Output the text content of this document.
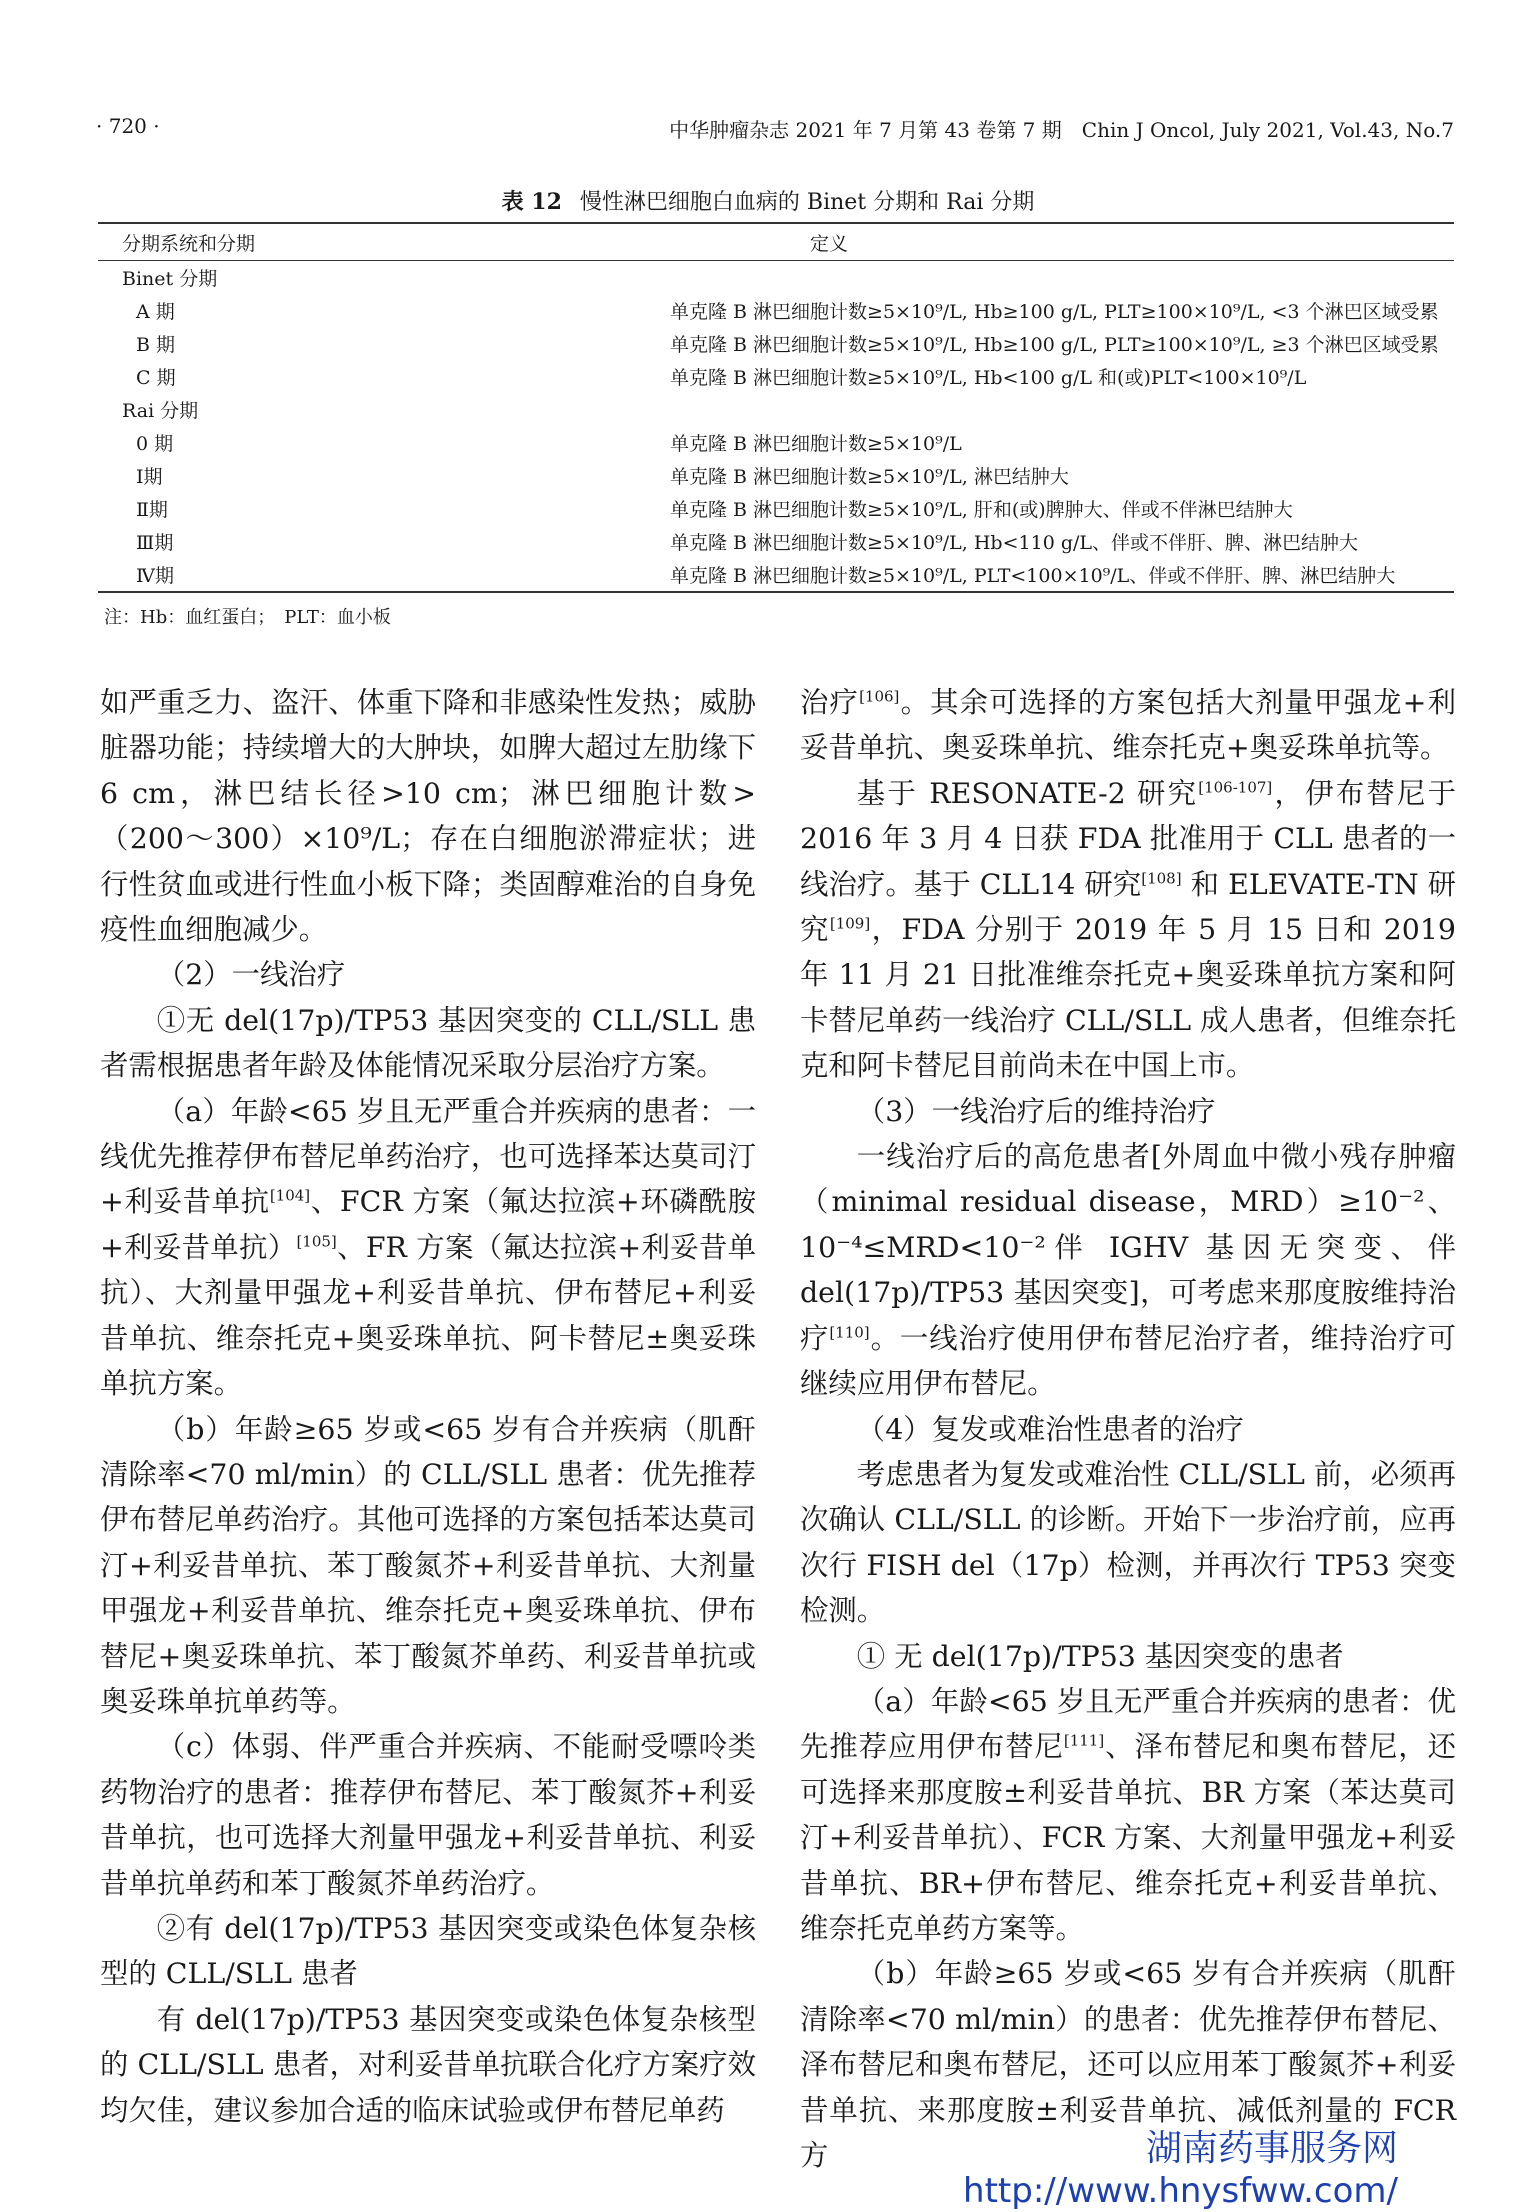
· 720 ·	中华肿瘤杂志 2021 年 7 月第 43 卷第 7 期　Chin J Oncol, July 2021, Vol.43, No.7
表 12 慢性淋巴细胞白血病的 Binet 分期和 Rai 分期
分期系统和分期	定义
Binet 分期	
A 期	单克隆 B 淋巴细胞计数≥5×10⁹/L, Hb≥100 g/L, PLT≥100×10⁹/L, <3 个淋巴区域受累
B 期	单克隆 B 淋巴细胞计数≥5×10⁹/L, Hb≥100 g/L, PLT≥100×10⁹/L, ≥3 个淋巴区域受累
C 期	单克隆 B 淋巴细胞计数≥5×10⁹/L, Hb<100 g/L 和(或)PLT<100×10⁹/L
Rai 分期	
0 期	单克隆 B 淋巴细胞计数≥5×10⁹/L
Ⅰ期	单克隆 B 淋巴细胞计数≥5×10⁹/L, 淋巴结肿大
Ⅱ期	单克隆 B 淋巴细胞计数≥5×10⁹/L, 肝和(或)脾肿大、伴或不伴淋巴结肿大
Ⅲ期	单克隆 B 淋巴细胞计数≥5×10⁹/L, Hb<110 g/L、伴或不伴肝、脾、淋巴结肿大
Ⅳ期	单克隆 B 淋巴细胞计数≥5×10⁹/L, PLT<100×10⁹/L、伴或不伴肝、脾、淋巴结肿大
注：Hb：血红蛋白；　PLT：血小板

如严重乏力、盗汗、体重下降和非感染性发热；威胁脏器功能；持续增大的大肿块，如脾大超过左肋缘下 6 cm，淋巴结长径>10 cm；淋巴细胞计数>（200～300）×10⁹/L；存在白细胞淤滞症状；进行性贫血或进行性血小板下降；类固醇难治的自身免疫性血细胞减少。

（2）一线治疗

①无 del(17p)/TP53 基因突变的 CLL/SLL 患者需根据患者年龄及体能情况采取分层治疗方案。

（a）年龄<65 岁且无严重合并疾病的患者：一线优先推荐伊布替尼单药治疗，也可选择苯达莫司汀+利妥昔单抗[104]、FCR 方案（氟达拉滨+环磷酰胺+利妥昔单抗）[105]、FR 方案（氟达拉滨+利妥昔单抗）、大剂量甲强龙+利妥昔单抗、伊布替尼+利妥昔单抗、维奈托克+奥妥珠单抗、阿卡替尼±奥妥珠单抗方案。

（b）年龄≥65 岁或<65 岁有合并疾病（肌酐清除率<70 ml/min）的 CLL/SLL 患者：优先推荐伊布替尼单药治疗。其他可选择的方案包括苯达莫司汀+利妥昔单抗、苯丁酸氮芥+利妥昔单抗、大剂量甲强龙+利妥昔单抗、维奈托克+奥妥珠单抗、伊布替尼+奥妥珠单抗、苯丁酸氮芥单药、利妥昔单抗或奥妥珠单抗单药等。

（c）体弱、伴严重合并疾病、不能耐受嘌呤类药物治疗的患者：推荐伊布替尼、苯丁酸氮芥+利妥昔单抗，也可选择大剂量甲强龙+利妥昔单抗、利妥昔单抗单药和苯丁酸氮芥单药治疗。

②有 del(17p)/TP53 基因突变或染色体复杂核型的 CLL/SLL 患者

有 del(17p)/TP53 基因突变或染色体复杂核型的 CLL/SLL 患者，对利妥昔单抗联合化疗方案疗效均欠佳，建议参加合适的临床试验或伊布替尼单药

治疗[106]。其余可选择的方案包括大剂量甲强龙+利妥昔单抗、奥妥珠单抗、维奈托克+奥妥珠单抗等。

基于 RESONATE-2 研究[106-107]，伊布替尼于 2016 年 3 月 4 日获 FDA 批准用于 CLL 患者的一线治疗。基于 CLL14 研究[108] 和 ELEVATE-TN 研究[109]，FDA 分别于 2019 年 5 月 15 日和 2019 年 11 月 21 日批准维奈托克+奥妥珠单抗方案和阿卡替尼单药一线治疗 CLL/SLL 成人患者，但维奈托克和阿卡替尼目前尚未在中国上市。

（3）一线治疗后的维持治疗

一线治疗后的高危患者[外周血中微小残存肿瘤（minimal residual disease，MRD）≥10⁻²、10⁻⁴≤MRD<10⁻²伴 IGHV 基因无突变、伴 del(17p)/TP53 基因突变]，可考虑来那度胺维持治疗[110]。一线治疗使用伊布替尼治疗者，维持治疗可继续应用伊布替尼。

（4）复发或难治性患者的治疗

考虑患者为复发或难治性 CLL/SLL 前，必须再次确认 CLL/SLL 的诊断。开始下一步治疗前，应再次行 FISH del（17p）检测，并再次行 TP53 突变检测。

① 无 del(17p)/TP53 基因突变的患者

（a）年龄<65 岁且无严重合并疾病的患者：优先推荐应用伊布替尼[111]、泽布替尼和奥布替尼，还可选择来那度胺±利妥昔单抗、BR 方案（苯达莫司汀+利妥昔单抗）、FCR 方案、大剂量甲强龙+利妥昔单抗、BR+伊布替尼、维奈托克+利妥昔单抗、维奈托克单药方案等。

（b）年龄≥65 岁或<65 岁有合并疾病（肌酐清除率<70 ml/min）的患者：优先推荐伊布替尼、泽布替尼和奥布替尼，还可以应用苯丁酸氮芥+利妥昔单抗、来那度胺±利妥昔单抗、减低剂量的 FCR 方	湖南药事服务网
http://www.hnysfww.com/
